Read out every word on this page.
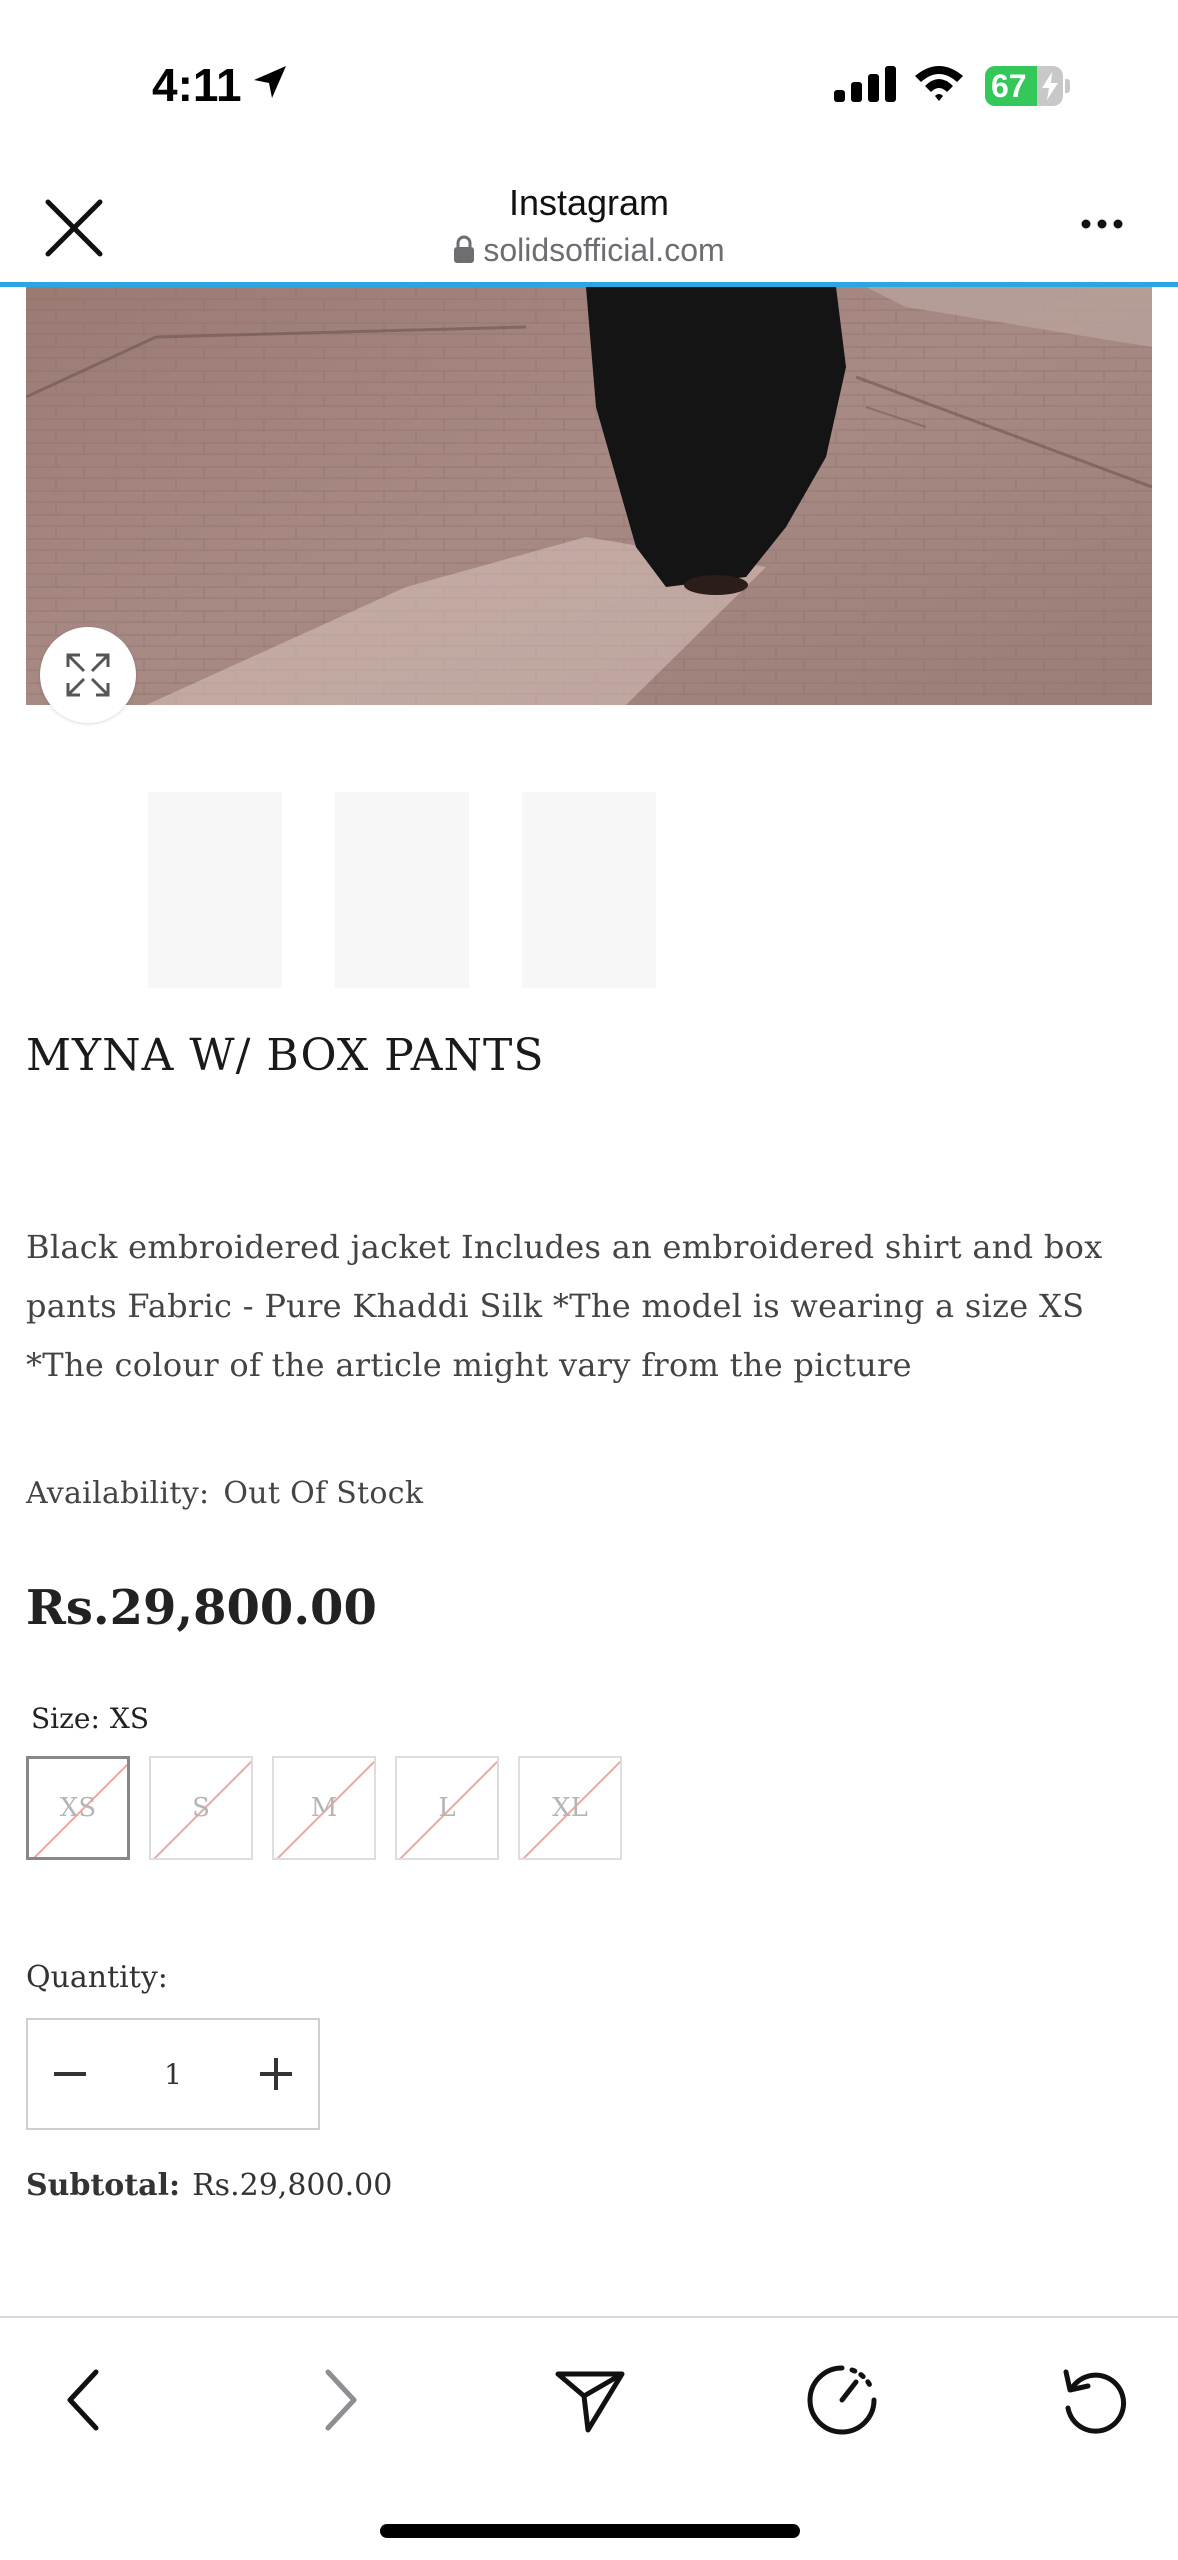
4:11	67
Instagram
solidsofficial.com
MYNA W/ BOX PANTS
Black embroidered jacket Includes an embroidered shirt and box pants Fabric - Pure Khaddi Silk *The model is wearing a size XS *The colour of the article might vary from the picture
Availability: Out Of Stock
Rs.29,800.00
Size: XS
XS	S	M	L	XL
Quantity:
1
Subtotal: Rs.29,800.00
